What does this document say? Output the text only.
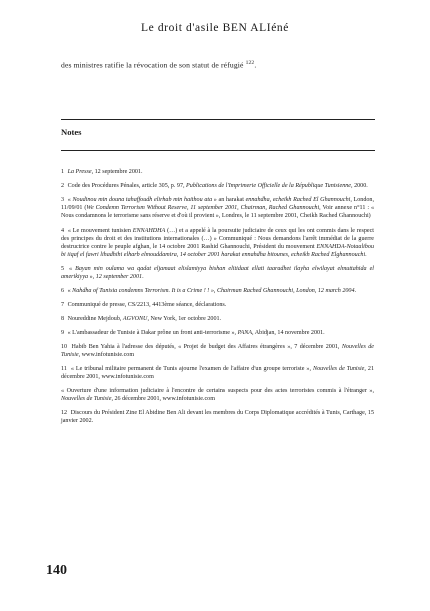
Le droit d'asile BEN ALIéné
des ministres ratifie la révocation de son statut de réfugié $^{122}$.
Notes

1 La Presse, 12 septembre 2001.

2 Code des Procédures Pénales, article 305, p. 97, Publications de l'Imprimerie Officielle de la République Tunisienne, 2000.

3 « Noudinou min douna tahaffoudh elirhab min haithou ata » an harakat ennahdha, echeikh Rached El Ghannouchi, London, 11/09/01 (We Condemn Terrorism Without Reserve, 11 september 2001, Chairman, Rached Ghannouchi, Voir annexe n°11 : « Nous condamnons le terrorisme sans réserve et d'où il provient », Londres, le 11 septembre 2001, Cheikh Rached Ghannouchi)

4 « Le mouvement tunisien ENNAHDHA (…) et a appelé à la poursuite judiciaire de ceux qui les ont commis dans le respect des principes du droit et des institutions internationales (…) » Communiqué : Nous demandons l'arrêt immédiat de la guerre destructrice contre le peuple afghan, le 14 octobre 2001 Rashid Ghannouchi, Président du mouvement ENNAHDA-Notaalibou bi iiqaf el fawri lihadhihi elharb elmouddamira, 14 october 2001 harakat ennahdha bitounes, echeikh Rached Elghannouchi.

5 « Bayan min oulama wa qadat eljamaat elislamiyya bishan elitidaat ellati taaradhet ilayha elwilayat elmuttahida el amerikiyya », 12 september 2001.

6 « Nahdha of Tunisia condemns Terrorism. It is a Crime ! ! », Chairman Rached Ghannouchi, London, 12 march 2004.

7 Communiqué de presse, CS/2213, 4413ème séance, déclarations.

8 Noureddine Mejdoub, AGVONU, New York, 1er octobre 2001.

9 « L'ambassadeur de Tunisie à Dakar prône un front anti-terrorisme », PANA, Abidjan, 14 novembre 2001.

10 Habib Ben Yahia à l'adresse des députés, « Projet de budget des Affaires étrangères », 7 décembre 2001, Nouvelles de Tunisie, www.infotunisie.com

11 « Le tribunal militaire permanent de Tunis ajourne l'examen de l'affaire d'un groupe terroriste », Nouvelles de Tunisie, 21 décembre 2001, www.infotunisie.com

« Ouverture d'une information judiciaire à l'encontre de certains suspects pour des actes terroristes commis à l'étranger », Nouvelles de Tunisie, 26 décembre 2001, www.infotunisie.com

12 Discours du Président Zine El Abidine Ben Ali devant les membres du Corps Diplomatique accrédités à Tunis, Carthage, 15 janvier 2002.

140
